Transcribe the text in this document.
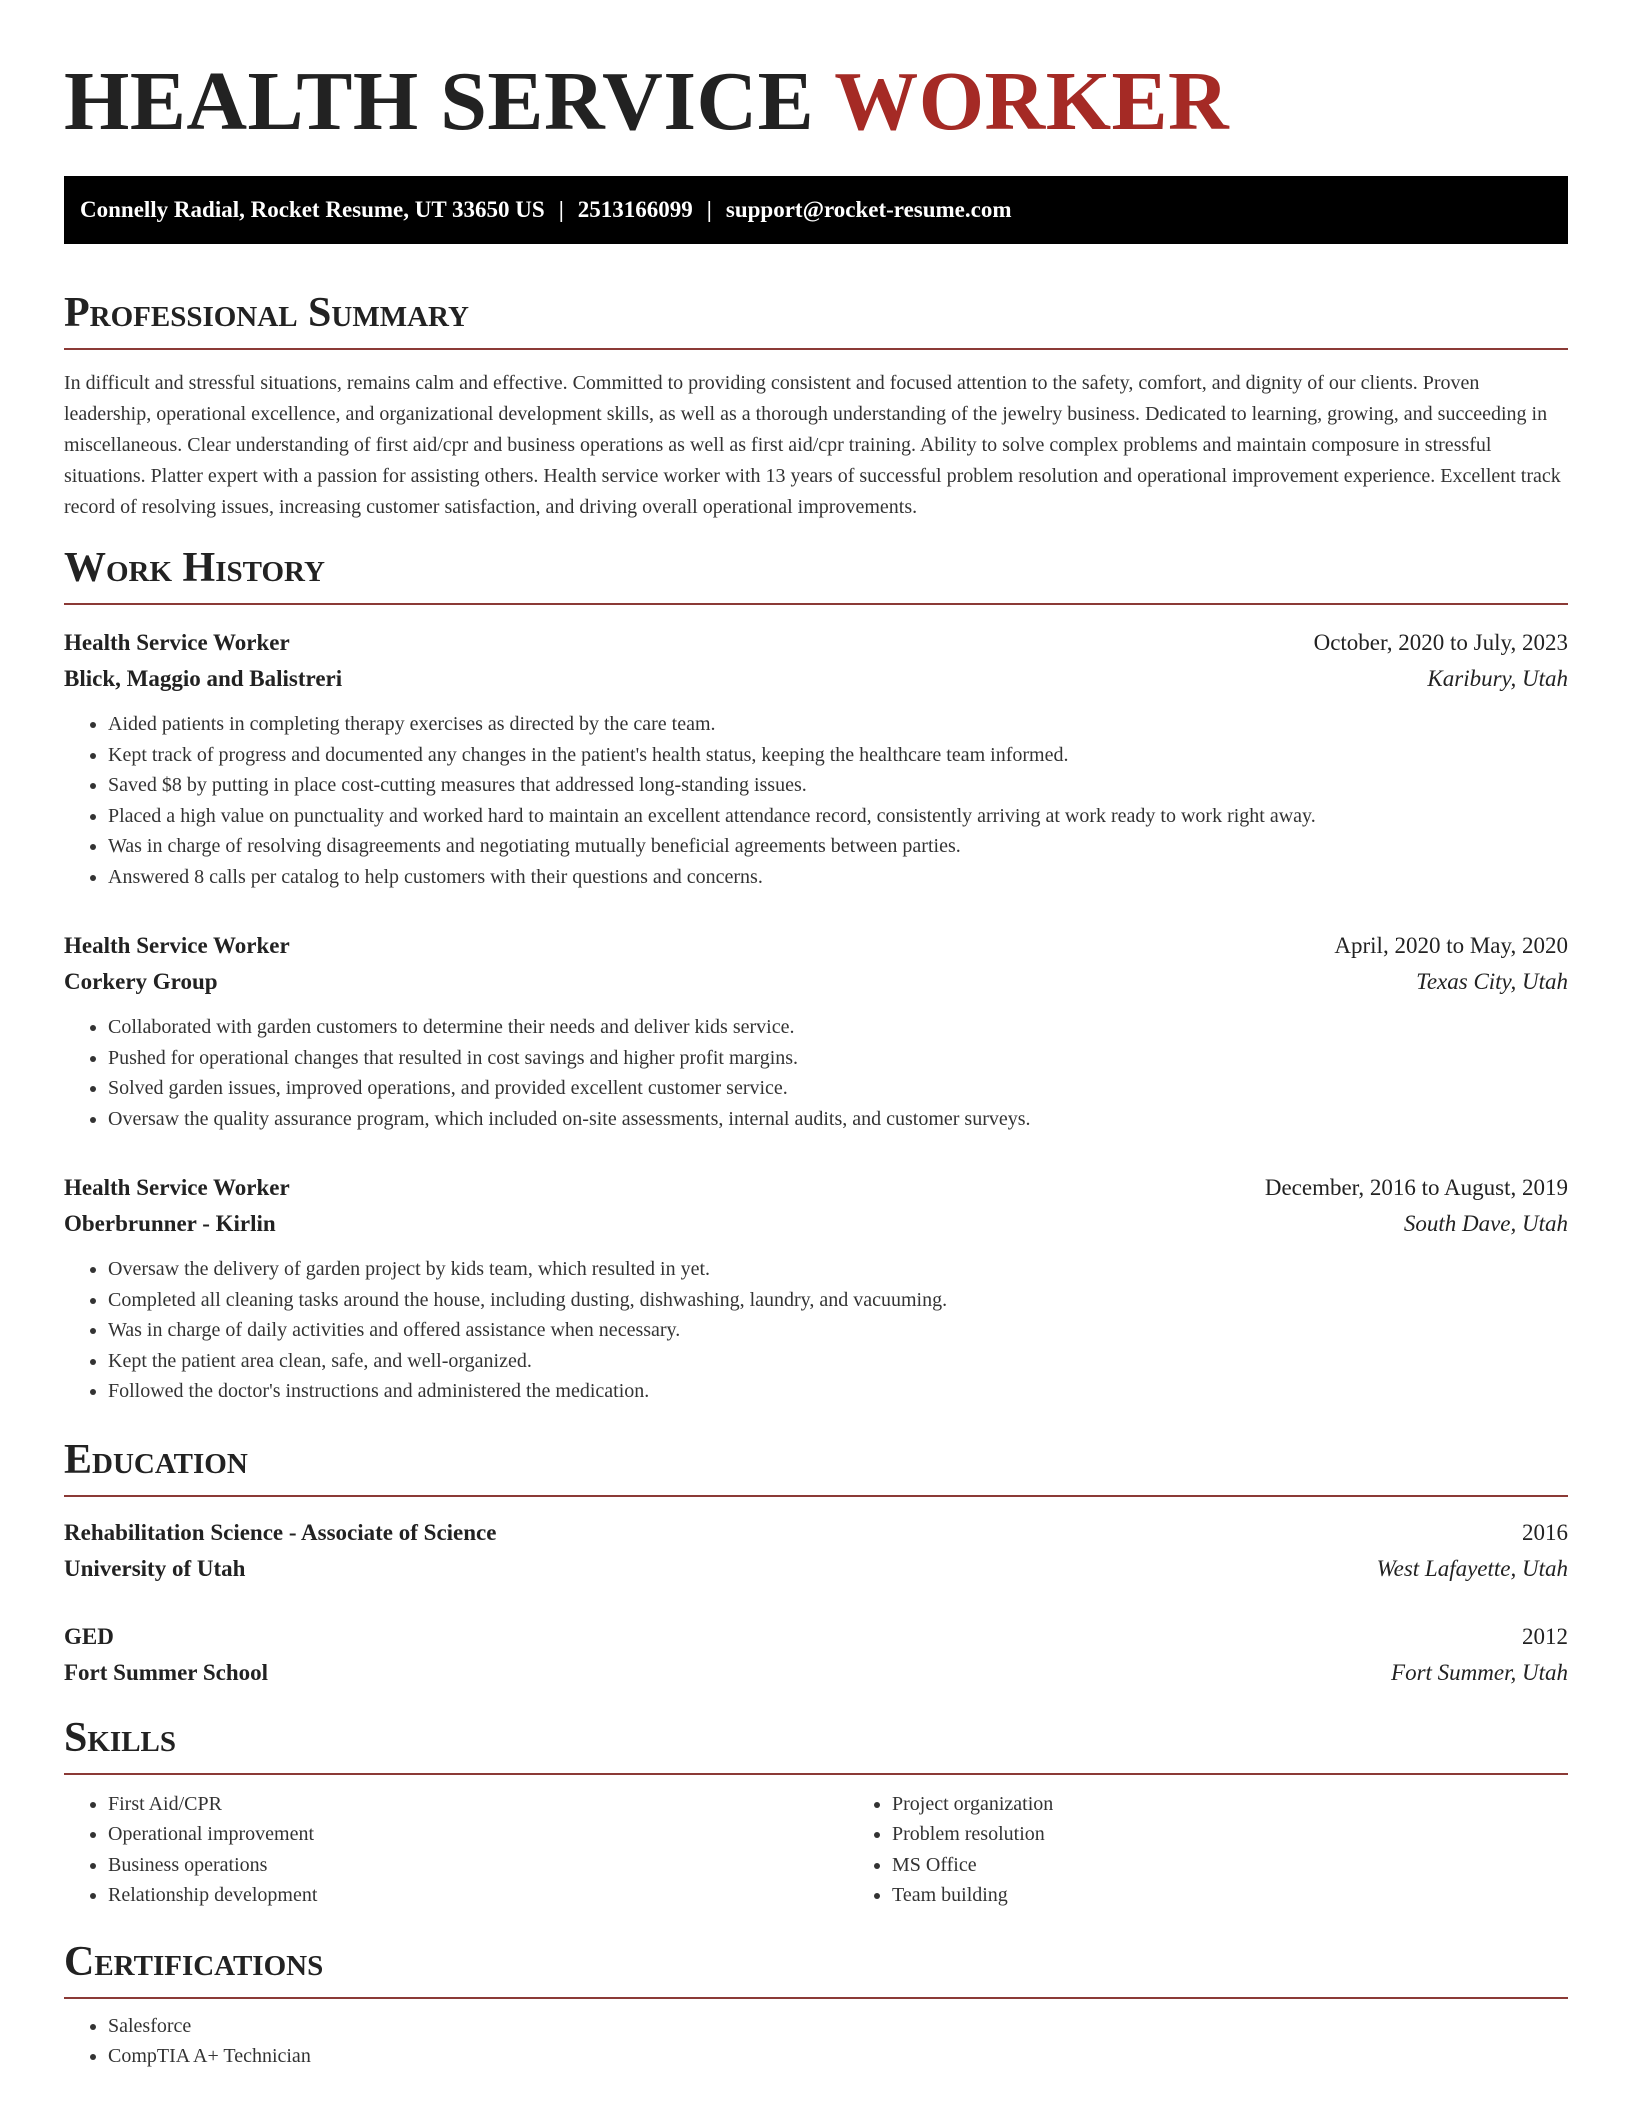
HEALTH SERVICE WORKER
Connelly Radial, Rocket Resume, UT 33650 US | 2513166099 | support@rocket-resume.com
Professional Summary

In difficult and stressful situations, remains calm and effective. Committed to providing consistent and focused attention to the safety, comfort, and dignity of our clients. Proven leadership, operational excellence, and organizational development skills, as well as a thorough understanding of the jewelry business. Dedicated to learning, growing, and succeeding in miscellaneous. Clear understanding of first aid/cpr and business operations as well as first aid/cpr training. Ability to solve complex problems and maintain composure in stressful situations. Platter expert with a passion for assisting others. Health service worker with 13 years of successful problem resolution and operational improvement experience. Excellent track record of resolving issues, increasing customer satisfaction, and driving overall operational improvements.

Work History
Health Service Worker	October, 2020 to July, 2023
Blick, Maggio and Balistreri	Karibury, Utah
• Aided patients in completing therapy exercises as directed by the care team.
• Kept track of progress and documented any changes in the patient's health status, keeping the healthcare team informed.
• Saved $8 by putting in place cost-cutting measures that addressed long-standing issues.
• Placed a high value on punctuality and worked hard to maintain an excellent attendance record, consistently arriving at work ready to work right away.
• Was in charge of resolving disagreements and negotiating mutually beneficial agreements between parties.
• Answered 8 calls per catalog to help customers with their questions and concerns.
Health Service Worker	April, 2020 to May, 2020
Corkery Group	Texas City, Utah
• Collaborated with garden customers to determine their needs and deliver kids service.
• Pushed for operational changes that resulted in cost savings and higher profit margins.
• Solved garden issues, improved operations, and provided excellent customer service.
• Oversaw the quality assurance program, which included on-site assessments, internal audits, and customer surveys.
Health Service Worker	December, 2016 to August, 2019
Oberbrunner - Kirlin	South Dave, Utah
• Oversaw the delivery of garden project by kids team, which resulted in yet.
• Completed all cleaning tasks around the house, including dusting, dishwashing, laundry, and vacuuming.
• Was in charge of daily activities and offered assistance when necessary.
• Kept the patient area clean, safe, and well-organized.
• Followed the doctor's instructions and administered the medication.
Education
Rehabilitation Science - Associate of Science	2016
University of Utah	West Lafayette, Utah
GED	2012
Fort Summer School	Fort Summer, Utah
Skills
• First Aid/CPR
• Operational improvement
• Business operations
• Relationship development
• Project organization
• Problem resolution
• MS Office
• Team building
Certifications
• Salesforce
• CompTIA A+ Technician
